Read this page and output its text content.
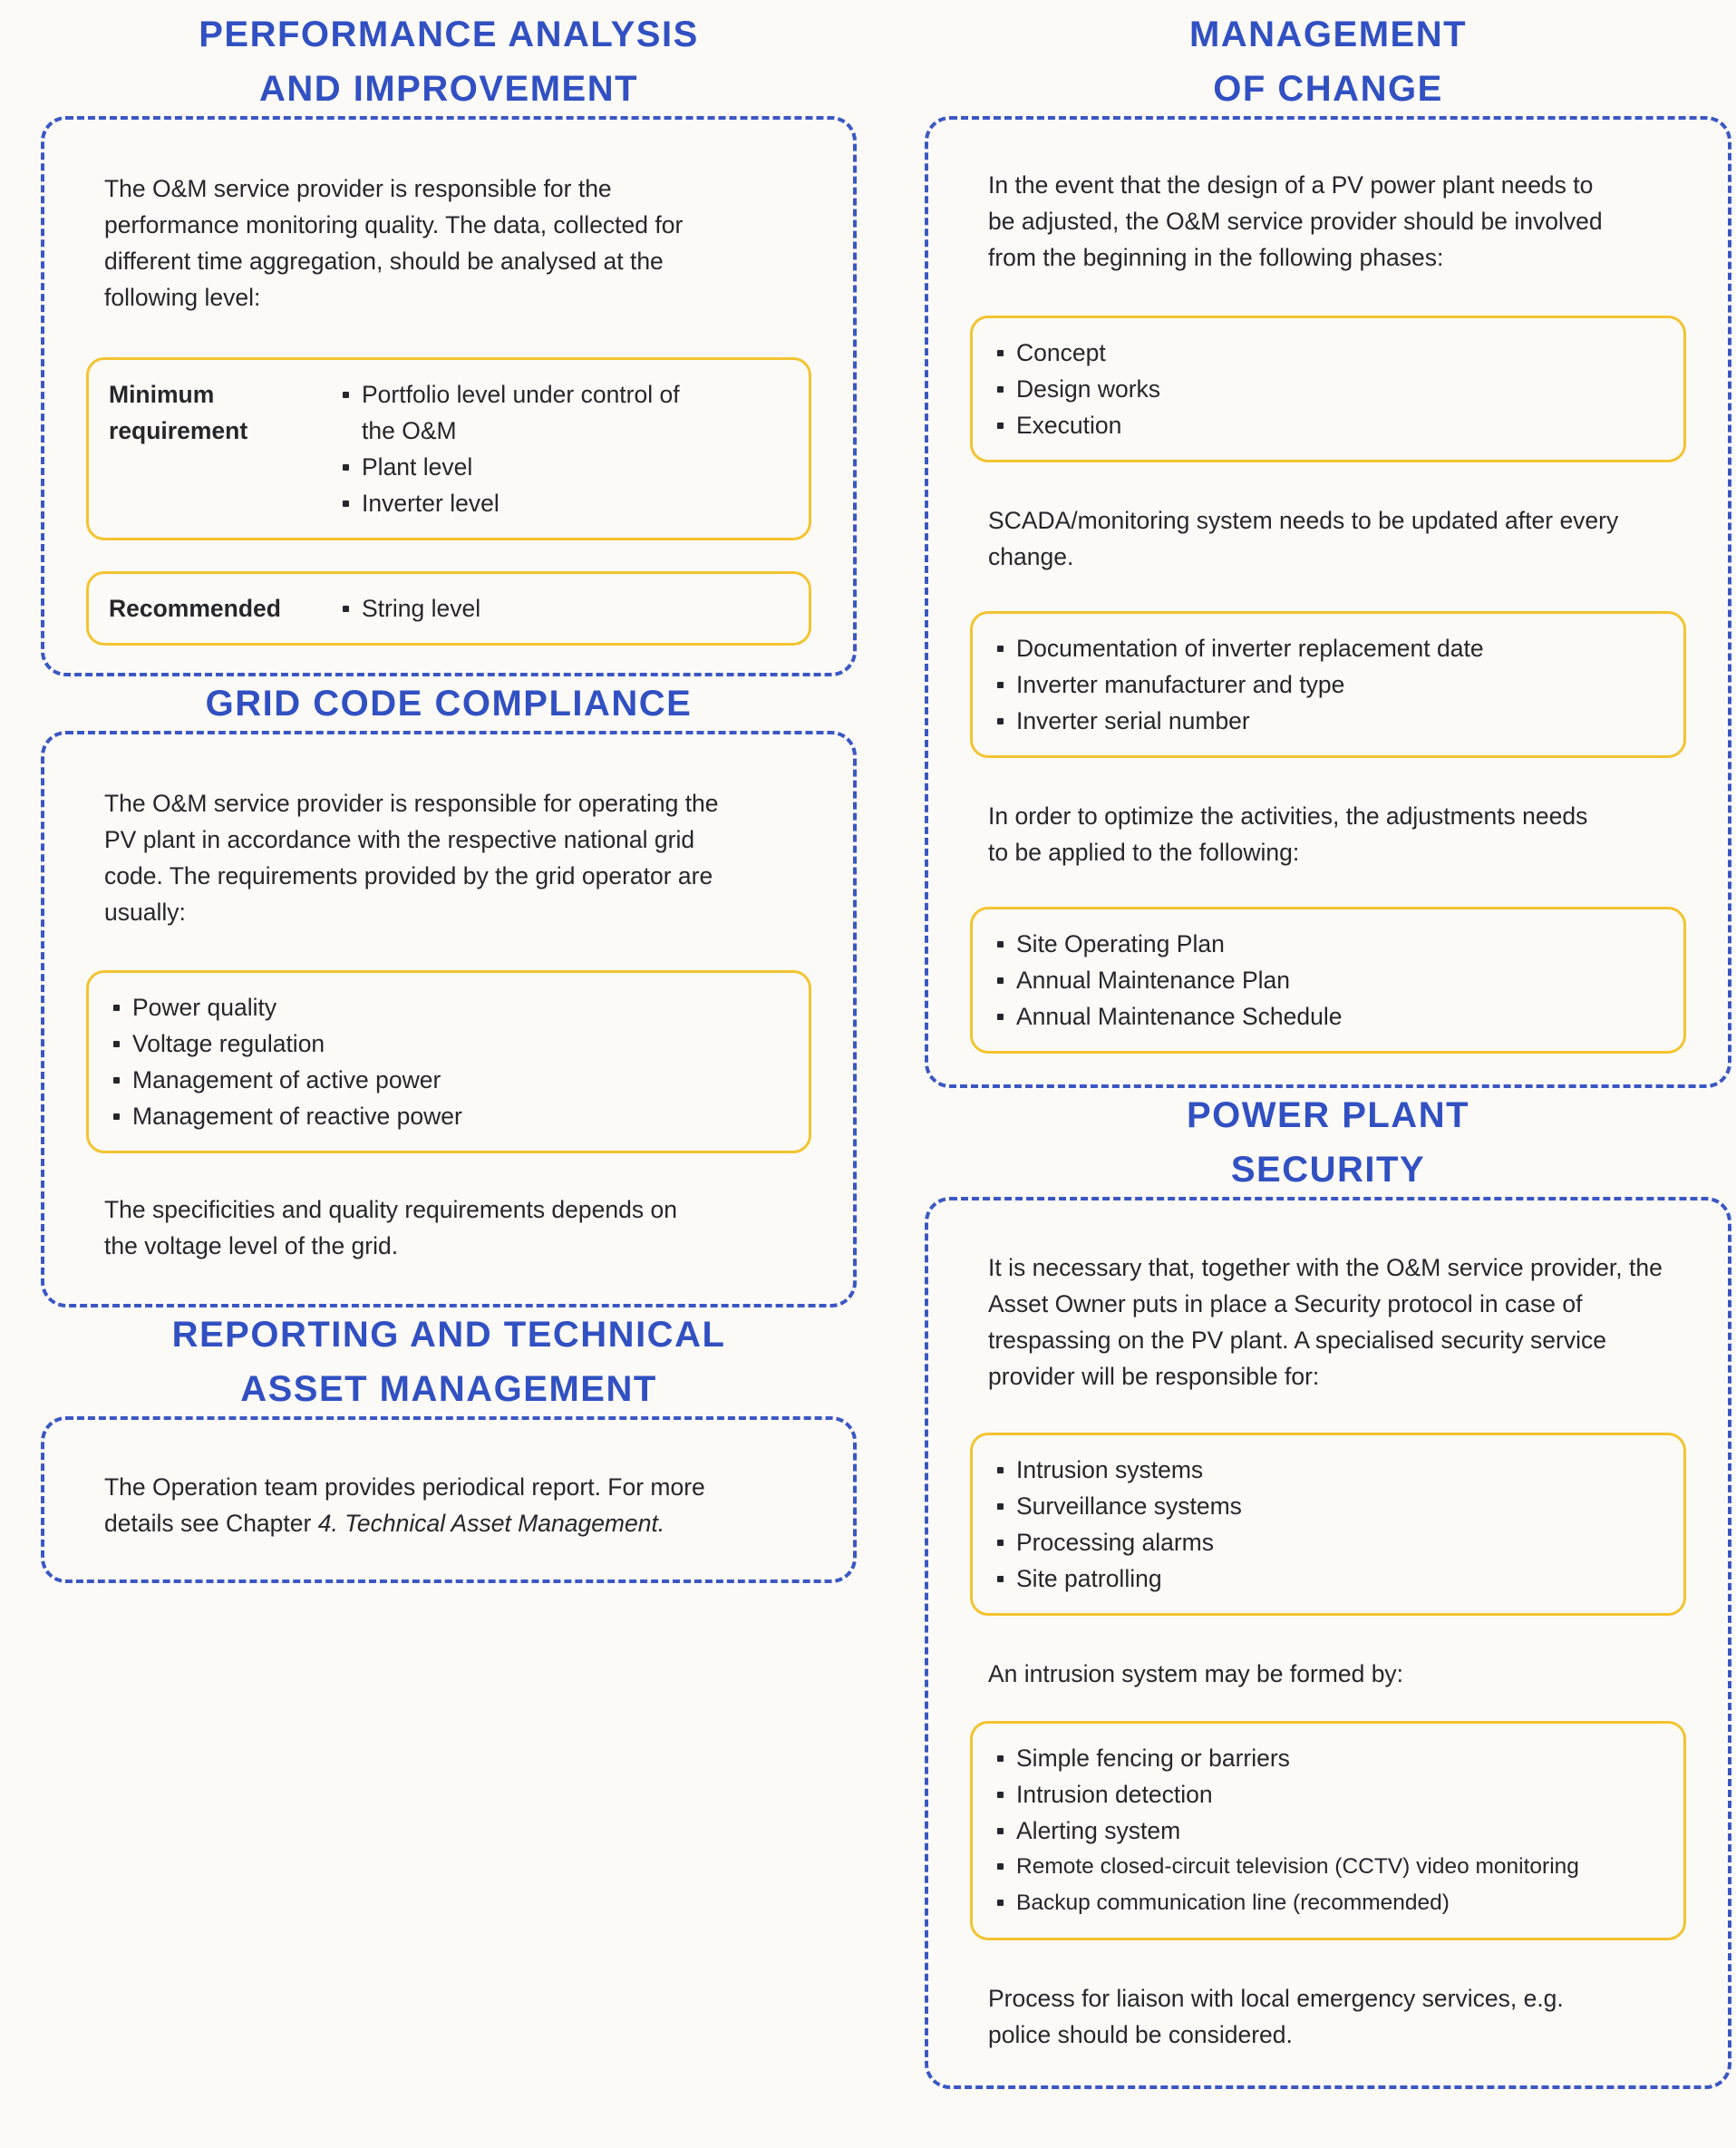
PERFORMANCE ANALYSIS
AND IMPROVEMENT

The O&M service provider is responsible for the performance monitoring quality. The data, collected for different time aggregation, should be analysed at the following level:

Minimum requirement
Portfolio level under control of the O&M
Plant level
Inverter level
Recommended	String level
GRID CODE COMPLIANCE

The O&M service provider is responsible for operating the PV plant in accordance with the respective national grid code. The requirements provided by the grid operator are usually:

Power quality
Voltage regulation
Management of active power
Management of reactive power

The specificities and quality requirements depends on the voltage level of the grid.

REPORTING AND TECHNICAL
ASSET MANAGEMENT

The Operation team provides periodical report. For more details see Chapter 4. Technical Asset Management.

MANAGEMENT
OF CHANGE

In the event that the design of a PV power plant needs to be adjusted, the O&M service provider should be involved from the beginning in the following phases:

Concept
Design works
Execution

SCADA/monitoring system needs to be updated after every change.

Documentation of inverter replacement date
Inverter manufacturer and type
Inverter serial number

In order to optimize the activities, the adjustments needs to be applied to the following:

Site Operating Plan
Annual Maintenance Plan
Annual Maintenance Schedule
POWER PLANT
SECURITY

It is necessary that, together with the O&M service provider, the Asset Owner puts in place a Security protocol in case of trespassing on the PV plant. A specialised security service provider will be responsible for:

Intrusion systems
Surveillance systems
Processing alarms
Site patrolling

An intrusion system may be formed by:

Simple fencing or barriers
Intrusion detection
Alerting system
Remote closed-circuit television (CCTV) video monitoring
Backup communication line (recommended)

Process for liaison with local emergency services, e.g. police should be considered.
